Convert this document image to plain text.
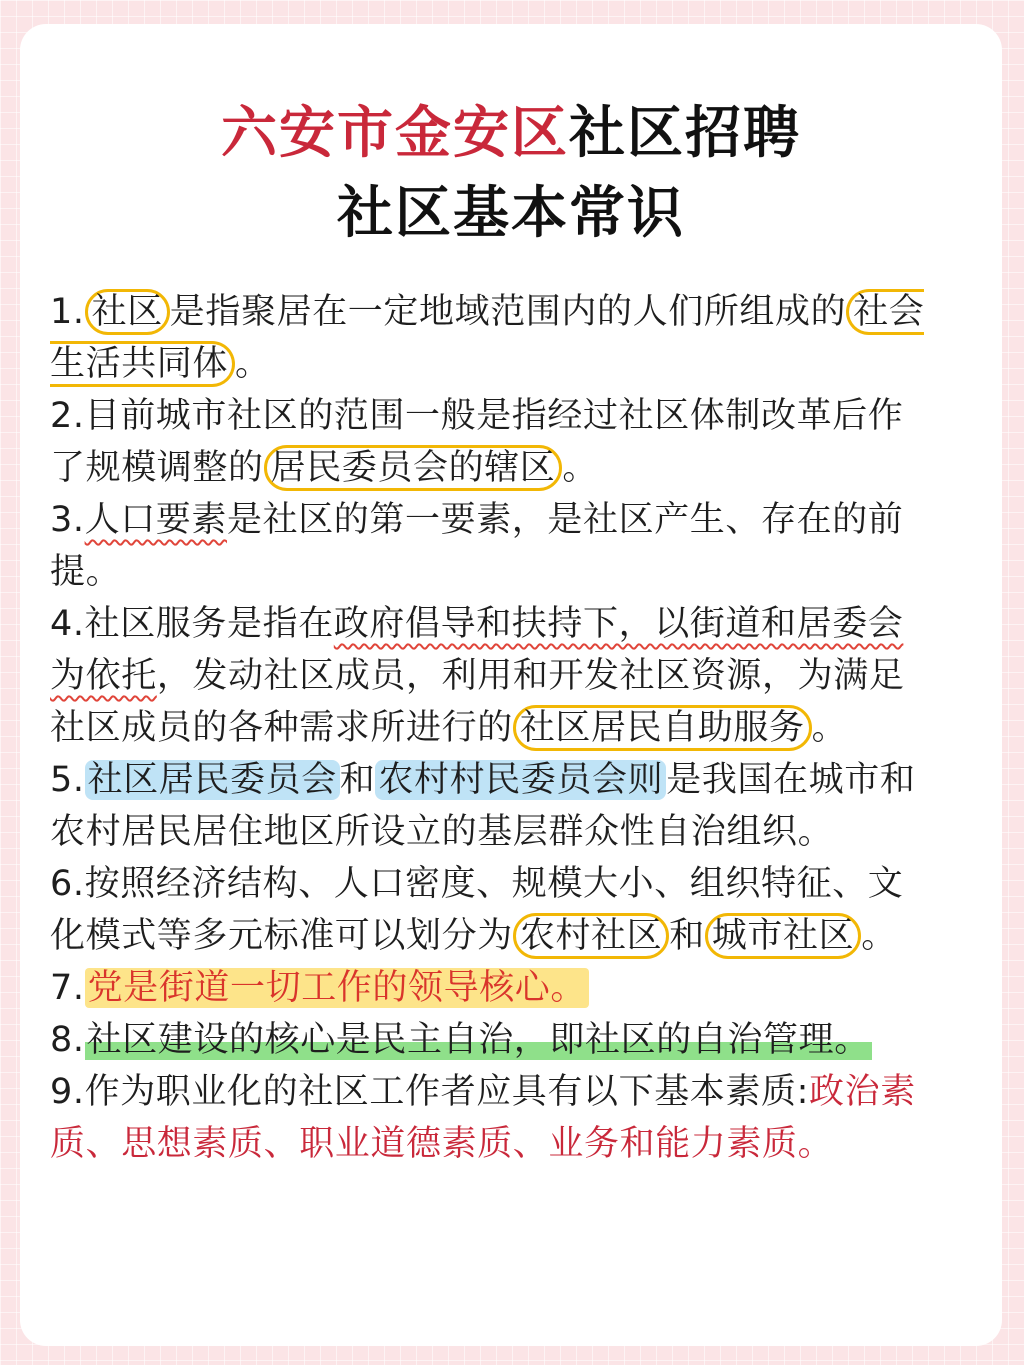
六安市金安区社区招聘
社区基本常识

1. 社区 是指聚居在一定地域范围内的人们所组成的 社会生活共同体 。

2.目前城市社区的范围一般是指经过社区体制改革后作了规模调整的 居民委员会的辖区 。

3.人口要素是社区的第一要素，是社区产生、存在的前提。

4.社区服务是指在政府倡导和扶持下，以街道和居委会为依托，发动社区成员，利用和开发社区资源，为满足社区成员的各种需求所进行的 社区居民自助服务 。

5.社区居民委员会和农村村民委员会则是我国在城市和农村居民居住地区所设立的基层群众性自治组织。

6.按照经济结构、人口密度、规模大小、组织特征、文化模式等多元标准可以划分为 农村社区 和 城市社区 。

7.党是街道一切工作的领导核心。

8.社区建设的核心是民主自治，即社区的自治管理。

9.作为职业化的社区工作者应具有以下基本素质:政治素质、思想素质、职业道德素质、业务和能力素质。
